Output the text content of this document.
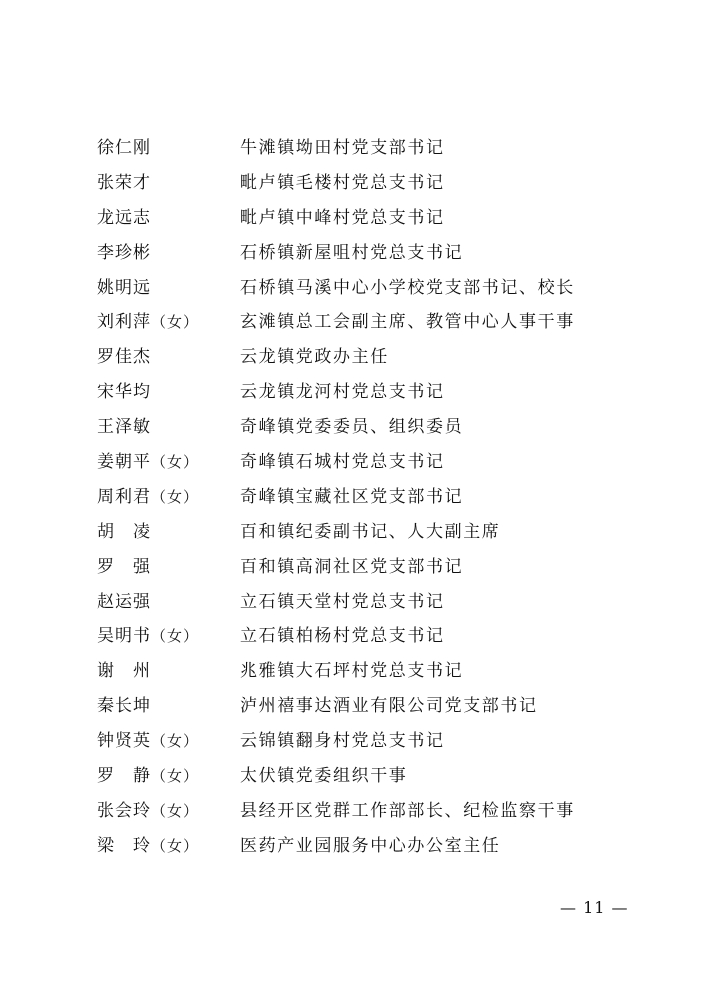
徐仁刚	牛滩镇坳田村党支部书记
张荣才	毗卢镇毛楼村党总支书记
龙远志	毗卢镇中峰村党总支书记
李珍彬	石桥镇新屋咀村党总支书记
姚明远	石桥镇马溪中心小学校党支部书记、校长
刘利萍（女）	玄滩镇总工会副主席、教管中心人事干事
罗佳杰	云龙镇党政办主任
宋华均	云龙镇龙河村党总支书记
王泽敏	奇峰镇党委委员、组织委员
姜朝平（女）	奇峰镇石城村党总支书记
周利君（女）	奇峰镇宝藏社区党支部书记
胡　凌	百和镇纪委副书记、人大副主席
罗　强	百和镇高洞社区党支部书记
赵运强	立石镇天堂村党总支书记
吴明书（女）	立石镇柏杨村党总支书记
谢　州	兆雅镇大石坪村党总支书记
秦长坤	泸州禧事达酒业有限公司党支部书记
钟贤英（女）	云锦镇翻身村党总支书记
罗　静（女）	太伏镇党委组织干事
张会玲（女）	县经开区党群工作部部长、纪检监察干事
梁　玲（女）	医药产业园服务中心办公室主任
— 11 —
